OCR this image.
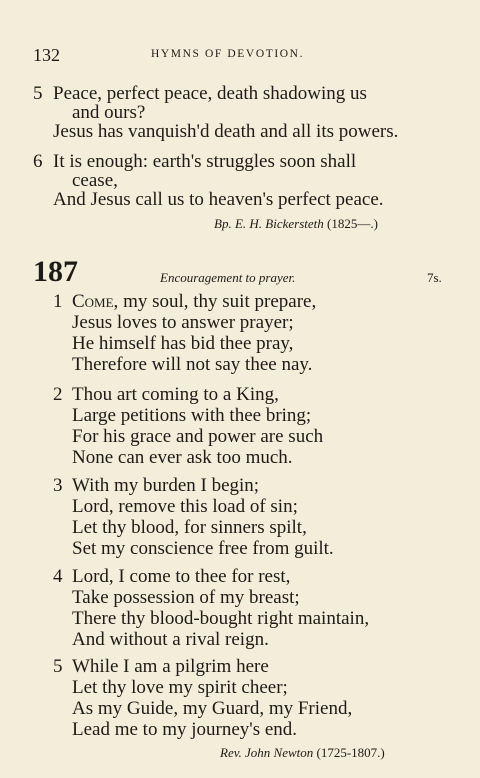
132	HYMNS OF DEVOTION.
5 Peace, perfect peace, death shadowing us
and ours?
Jesus has vanquish'd death and all its powers.
6 It is enough: earth's struggles soon shall
cease,
And Jesus call us to heaven's perfect peace.
Bp. E. H. Bickersteth (1825—.)
187	Encouragement to prayer.	7s.
1 Come, my soul, thy suit prepare,
Jesus loves to answer prayer;
He himself has bid thee pray,
Therefore will not say thee nay.
2 Thou art coming to a King,
Large petitions with thee bring;
For his grace and power are such
None can ever ask too much.
3 With my burden I begin;
Lord, remove this load of sin;
Let thy blood, for sinners spilt,
Set my conscience free from guilt.
4 Lord, I come to thee for rest,
Take possession of my breast;
There thy blood-bought right maintain,
And without a rival reign.
5 While I am a pilgrim here
Let thy love my spirit cheer;
As my Guide, my Guard, my Friend,
Lead me to my journey's end.
Rev. John Newton (1725-1807.)
